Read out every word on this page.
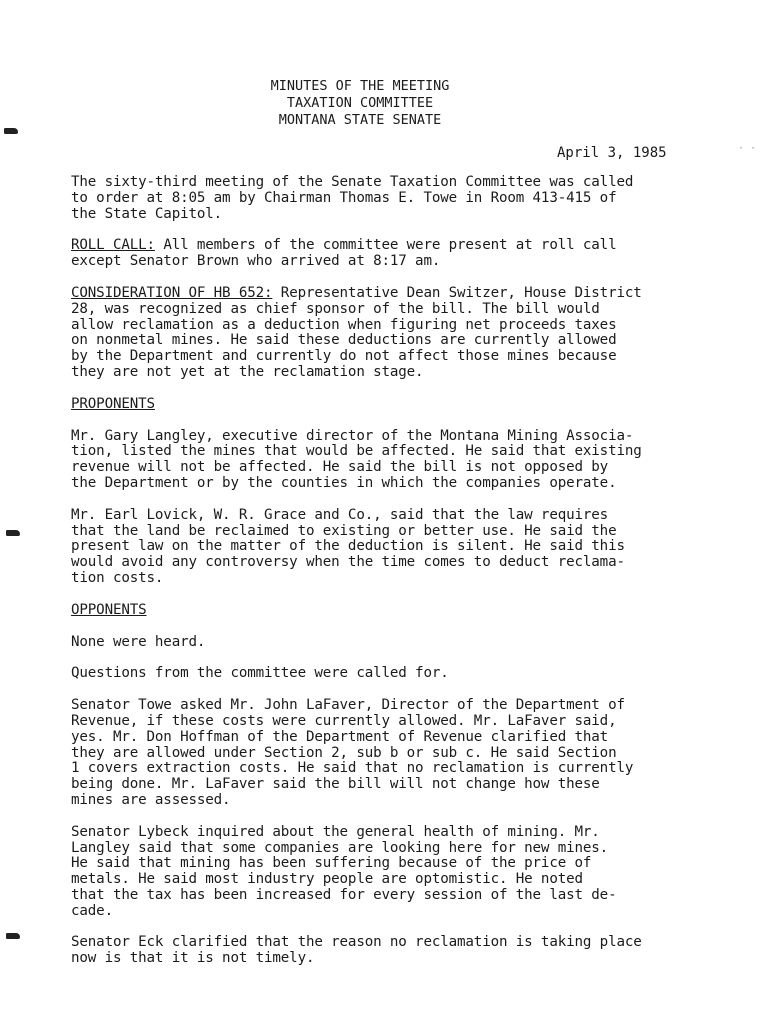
· ·
MINUTES OF THE MEETING
TAXATION COMMITTEE
MONTANA STATE SENATE
April 3, 1985

The sixty-third meeting of the Senate Taxation Committee was called
to order at 8:05 am by Chairman Thomas E. Towe in Room 413-415 of
the State Capitol.

ROLL CALL: All members of the committee were present at roll call
except Senator Brown who arrived at 8:17 am.

CONSIDERATION OF HB 652: Representative Dean Switzer, House District
28, was recognized as chief sponsor of the bill. The bill would
allow reclamation as a deduction when figuring net proceeds taxes
on nonmetal mines. He said these deductions are currently allowed
by the Department and currently do not affect those mines because
they are not yet at the reclamation stage.

PROPONENTS

Mr. Gary Langley, executive director of the Montana Mining Associa-
tion, listed the mines that would be affected. He said that existing
revenue will not be affected. He said the bill is not opposed by
the Department or by the counties in which the companies operate.

Mr. Earl Lovick, W. R. Grace and Co., said that the law requires
that the land be reclaimed to existing or better use. He said the
present law on the matter of the deduction is silent. He said this
would avoid any controversy when the time comes to deduct reclama-
tion costs.

OPPONENTS

None were heard.

Questions from the committee were called for.

Senator Towe asked Mr. John LaFaver, Director of the Department of
Revenue, if these costs were currently allowed. Mr. LaFaver said,
yes. Mr. Don Hoffman of the Department of Revenue clarified that
they are allowed under Section 2, sub b or sub c. He said Section
1 covers extraction costs. He said that no reclamation is currently
being done. Mr. LaFaver said the bill will not change how these
mines are assessed.

Senator Lybeck inquired about the general health of mining. Mr.
Langley said that some companies are looking here for new mines.
He said that mining has been suffering because of the price of
metals. He said most industry people are optomistic. He noted
that the tax has been increased for every session of the last de-
cade.

Senator Eck clarified that the reason no reclamation is taking place
now is that it is not timely.
